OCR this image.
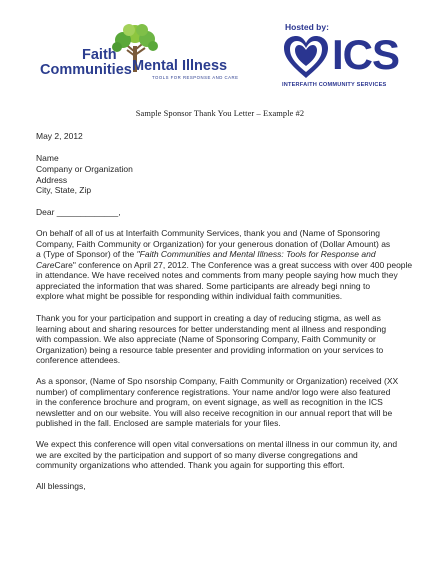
Faith
Communities Mental Illness
TOOLS FOR RESPONSE AND CARE
Hosted by:
ICS
INTERFAITH COMMUNITY SERVICES
Sample Sponsor Thank You Letter – Example #2
May 2, 2012
Name
Company or Organization
Address
City, State, Zip
Dear _____________,
On behalf of all of us at Interfaith Community Services, thank you and (Name of Sponsoring
Company, Faith Community or Organization) for your generous donation of (Dollar Amount) as
a (Type of Sponsor) of the "Faith Communities and Mental Illness: Tools for Response and
CareCare" conference on April 27, 2012. The Conference was a great success with over 400 people
in attendance. We have received notes and comments from many people saying how much they
appreciated the information that was shared. Some participants are already begi nning to
explore what might be possible for responding within individual faith communities.
Thank you for your participation and support in creating a day of reducing stigma, as well as
learning about and sharing resources for better understanding ment al illness and responding
with compassion. We also appreciate (Name of Sponsoring Company, Faith Community or
Organization) being a resource table presenter and providing information on your services to
conference attendees.
As a sponsor, (Name of Spo nsorship Company, Faith Community or Organization) received (XX
number) of complimentary conference registrations. Your name and/or logo were also featured
in the conference brochure and program, on event signage, as well as recognition in the ICS
newsletter and on our website. You will also receive recognition in our annual report that will be
published in the fall. Enclosed are sample materials for your files.
We expect this conference will open vital conversations on mental illness in our commun ity, and
we are excited by the participation and support of so many diverse congregations and
community organizations who attended. Thank you again for supporting this effort.
All blessings,
